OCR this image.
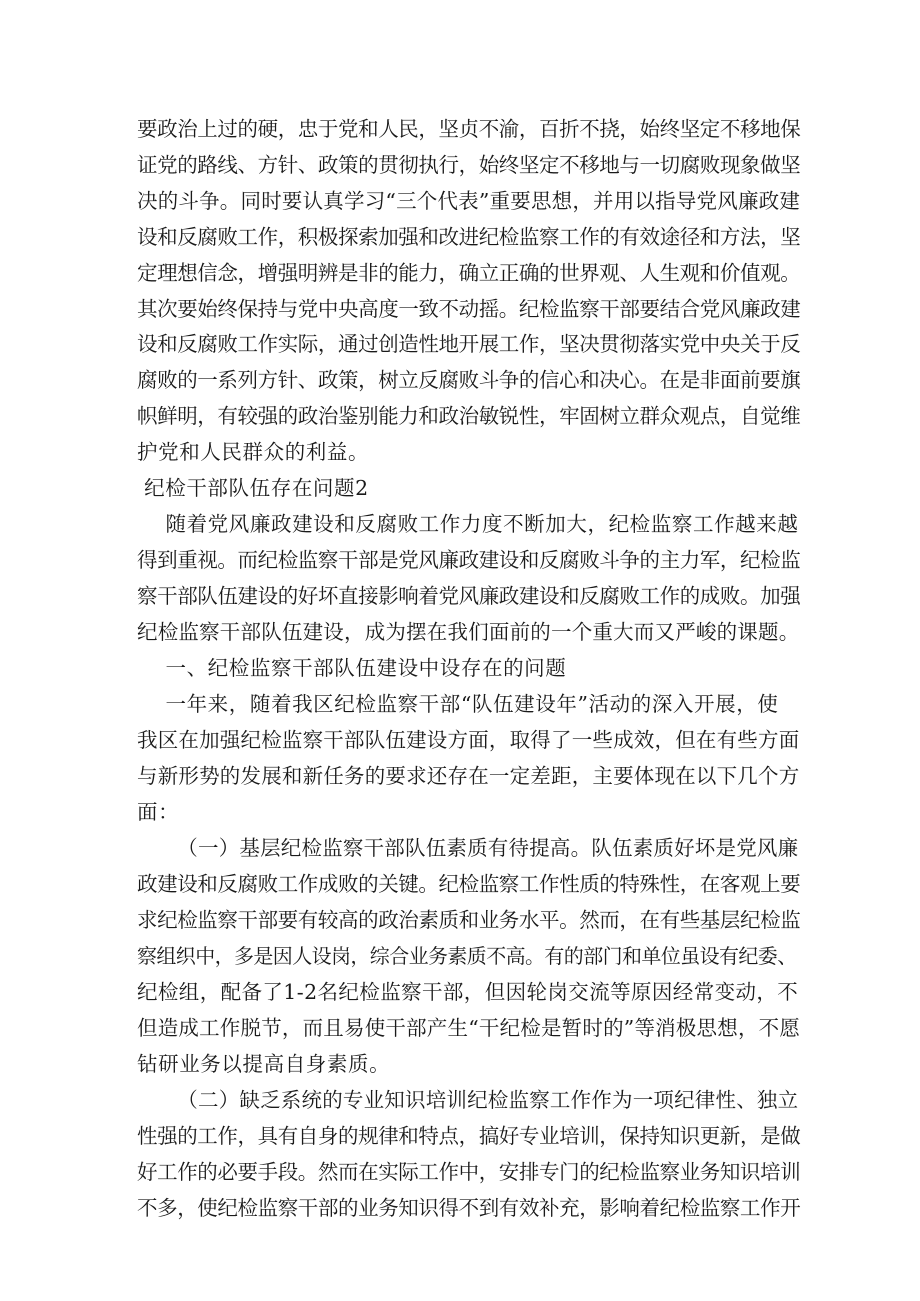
要政治上过的硬，忠于党和人民，坚贞不渝，百折不挠，始终坚定不移地保
证党的路线、方针、政策的贯彻执行，始终坚定不移地与一切腐败现象做坚
决的斗争。同时要认真学习“三个代表”重要思想，并用以指导党风廉政建
设和反腐败工作，积极探索加强和改进纪检监察工作的有效途径和方法，坚
定理想信念，增强明辨是非的能力，确立正确的世界观、人生观和价值观。
其次要始终保持与党中央高度一致不动摇。纪检监察干部要结合党风廉政建
设和反腐败工作实际，通过创造性地开展工作，坚决贯彻落实党中央关于反
腐败的一系列方针、政策，树立反腐败斗争的信心和决心。在是非面前要旗
帜鲜明，有较强的政治鉴别能力和政治敏锐性，牢固树立群众观点，自觉维
护党和人民群众的利益。
纪检干部队伍存在问题2
随着党风廉政建设和反腐败工作力度不断加大，纪检监察工作越来越
得到重视。而纪检监察干部是党风廉政建设和反腐败斗争的主力军，纪检监
察干部队伍建设的好坏直接影响着党风廉政建设和反腐败工作的成败。加强
纪检监察干部队伍建设，成为摆在我们面前的一个重大而又严峻的课题。
一、纪检监察干部队伍建设中设存在的问题
一年来，随着我区纪检监察干部“队伍建设年”活动的深入开展，使
我区在加强纪检监察干部队伍建设方面，取得了一些成效，但在有些方面
与新形势的发展和新任务的要求还存在一定差距，主要体现在以下几个方
面：
（一）基层纪检监察干部队伍素质有待提高。队伍素质好坏是党风廉
政建设和反腐败工作成败的关键。纪检监察工作性质的特殊性，在客观上要
求纪检监察干部要有较高的政治素质和业务水平。然而，在有些基层纪检监
察组织中，多是因人设岗，综合业务素质不高。有的部门和单位虽设有纪委、
纪检组，配备了1-2名纪检监察干部，但因轮岗交流等原因经常变动，不
但造成工作脱节，而且易使干部产生“干纪检是暂时的”等消极思想，不愿
钻研业务以提高自身素质。
（二）缺乏系统的专业知识培训纪检监察工作作为一项纪律性、独立
性强的工作，具有自身的规律和特点，搞好专业培训，保持知识更新，是做
好工作的必要手段。然而在实际工作中，安排专门的纪检监察业务知识培训
不多，使纪检监察干部的业务知识得不到有效补充，影响着纪检监察工作开
